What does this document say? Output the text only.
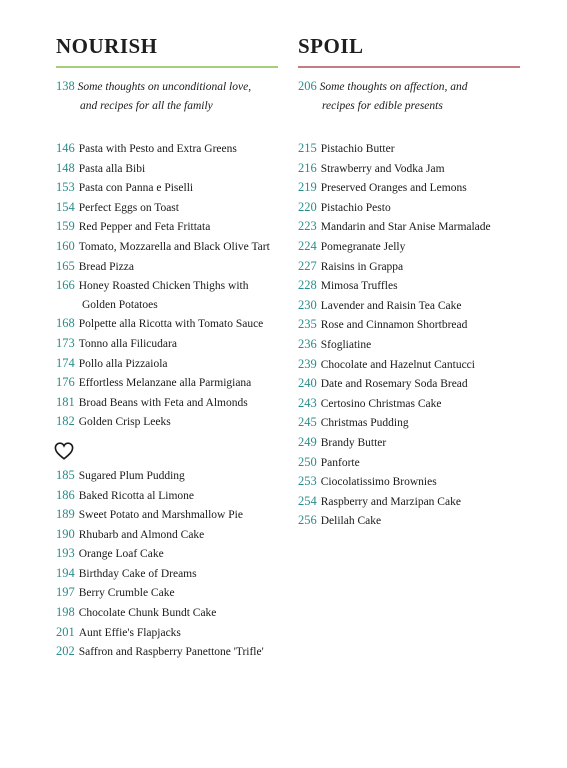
NOURISH
138 Some thoughts on unconditional love,
and recipes for all the family
146 Pasta with Pesto and Extra Greens
148 Pasta alla Bibi
153 Pasta con Panna e Piselli
154 Perfect Eggs on Toast
159 Red Pepper and Feta Frittata
160 Tomato, Mozzarella and Black Olive Tart
165 Bread Pizza
166 Honey Roasted Chicken Thighs with
Golden Potatoes
168 Polpette alla Ricotta with Tomato Sauce
173 Tonno alla Filicudara
174 Pollo alla Pizzaiola
176 Effortless Melanzane alla Parmigiana
181 Broad Beans with Feta and Almonds
182 Golden Crisp Leeks
185 Sugared Plum Pudding
186 Baked Ricotta al Limone
189 Sweet Potato and Marshmallow Pie
190 Rhubarb and Almond Cake
193 Orange Loaf Cake
194 Birthday Cake of Dreams
197 Berry Crumble Cake
198 Chocolate Chunk Bundt Cake
201 Aunt Effie's Flapjacks
202 Saffron and Raspberry Panettone 'Trifle'
SPOIL
206 Some thoughts on affection, and
recipes for edible presents
215 Pistachio Butter
216 Strawberry and Vodka Jam
219 Preserved Oranges and Lemons
220 Pistachio Pesto
223 Mandarin and Star Anise Marmalade
224 Pomegranate Jelly
227 Raisins in Grappa
228 Mimosa Truffles
230 Lavender and Raisin Tea Cake
235 Rose and Cinnamon Shortbread
236 Sfogliatine
239 Chocolate and Hazelnut Cantucci
240 Date and Rosemary Soda Bread
243 Certosino Christmas Cake
245 Christmas Pudding
249 Brandy Butter
250 Panforte
253 Ciocolatissimo Brownies
254 Raspberry and Marzipan Cake
256 Delilah Cake
